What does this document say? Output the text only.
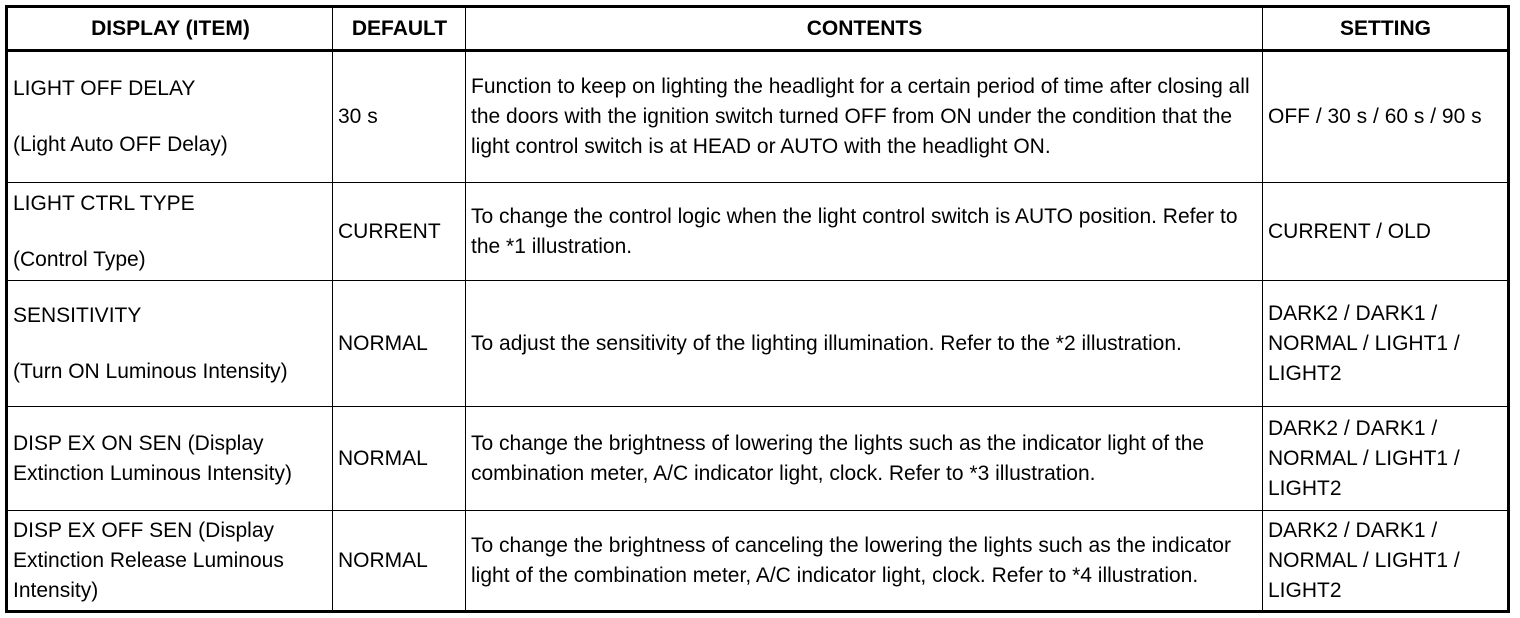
DISPLAY (ITEM)	DEFAULT	CONTENTS	SETTING

LIGHT OFF DELAY
(Light Auto OFF Delay)	30 s	Function to keep on lighting the headlight for a certain period of time after closing all the doors with the ignition switch turned OFF from ON under the condition that the light control switch is at HEAD or AUTO with the headlight ON.	OFF / 30 s / 60 s / 90 s

LIGHT CTRL TYPE
(Control Type)	CURRENT	To change the control logic when the light control switch is AUTO position. Refer to the *1 illustration.	CURRENT / OLD

SENSITIVITY
(Turn ON Luminous Intensity)	NORMAL	To adjust the sensitivity of the lighting illumination. Refer to the *2 illustration.	DARK2 / DARK1 / NORMAL / LIGHT1 / LIGHT2
DISP EX ON SEN (Display Extinction Luminous Intensity)	NORMAL	To change the brightness of lowering the lights such as the indicator light of the combination meter, A/C indicator light, clock. Refer to *3 illustration.	DARK2 / DARK1 / NORMAL / LIGHT1 / LIGHT2
DISP EX OFF SEN (Display Extinction Release Luminous Intensity)	NORMAL	To change the brightness of canceling the lowering the lights such as the indicator light of the combination meter, A/C indicator light, clock. Refer to *4 illustration.	DARK2 / DARK1 / NORMAL / LIGHT1 / LIGHT2
